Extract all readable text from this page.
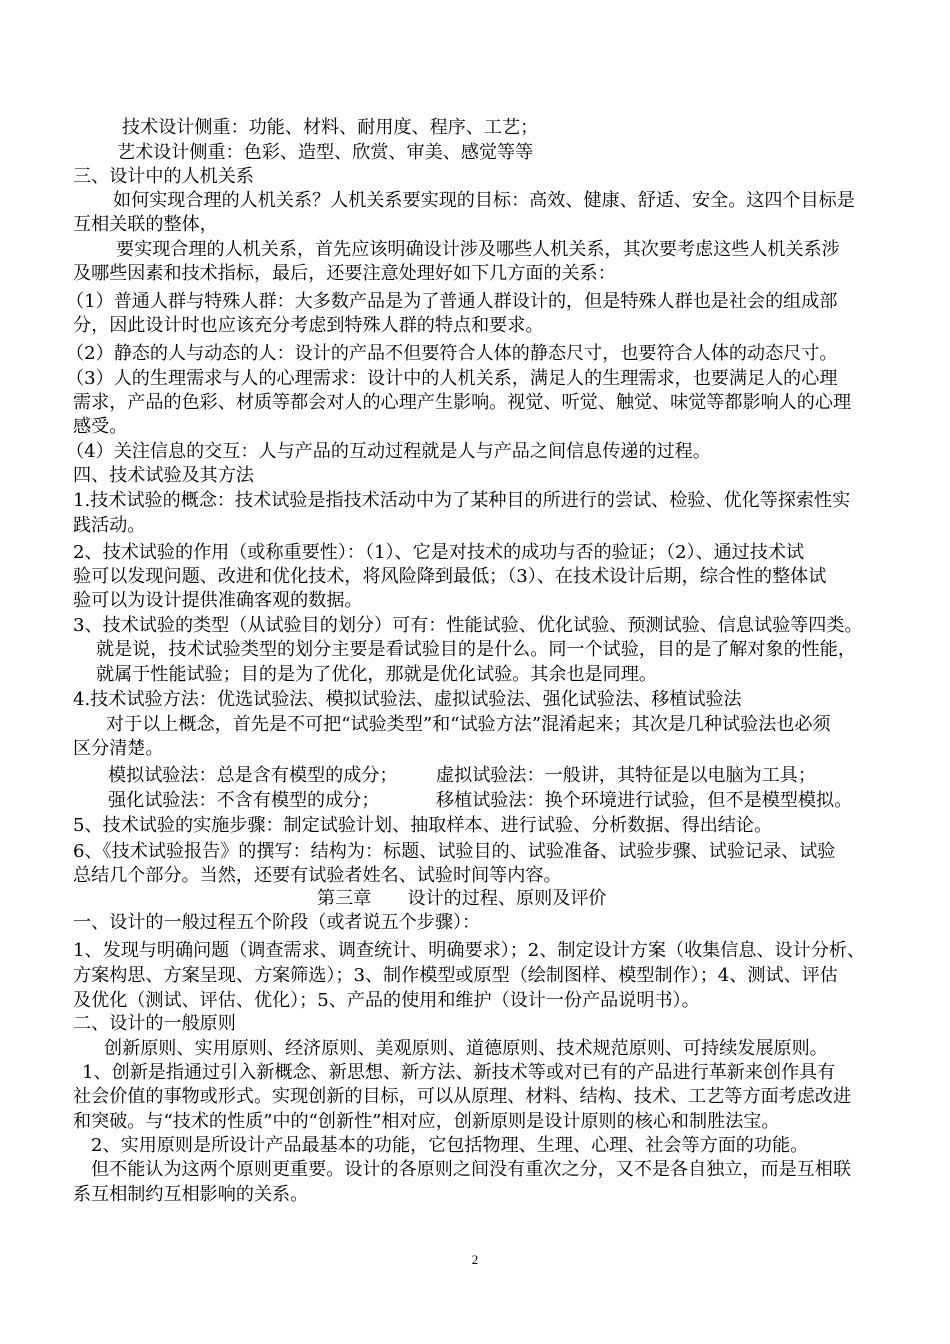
技术设计侧重：功能、材料、耐用度、程序、工艺；
艺术设计侧重：色彩、造型、欣赏、审美、感觉等等
三、设计中的人机关系
如何实现合理的人机关系？人机关系要实现的目标：高效、健康、舒适、安全。这四个目标是
互相关联的整体，
要实现合理的人机关系，首先应该明确设计涉及哪些人机关系，其次要考虑这些人机关系涉
及哪些因素和技术指标，最后，还要注意处理好如下几方面的关系：
（1）普通人群与特殊人群：大多数产品是为了普通人群设计的，但是特殊人群也是社会的组成部
分，因此设计时也应该充分考虑到特殊人群的特点和要求。
（2）静态的人与动态的人：设计的产品不但要符合人体的静态尺寸，也要符合人体的动态尺寸。
（3）人的生理需求与人的心理需求：设计中的人机关系，满足人的生理需求，也要满足人的心理
需求，产品的色彩、材质等都会对人的心理产生影响。视觉、听觉、触觉、味觉等都影响人的心理
感受。
（4）关注信息的交互：人与产品的互动过程就是人与产品之间信息传递的过程。
四、技术试验及其方法
1.技术试验的概念：技术试验是指技术活动中为了某种目的所进行的尝试、检验、优化等探索性实
践活动。
2、技术试验的作用（或称重要性）：（1）、它是对技术的成功与否的验证；（2）、通过技术试
验可以发现问题、改进和优化技术，将风险降到最低；（3）、在技术设计后期，综合性的整体试
验可以为设计提供准确客观的数据。
3、技术试验的类型（从试验目的划分）可有：性能试验、优化试验、预测试验、信息试验等四类。
就是说，技术试验类型的划分主要是看试验目的是什么。同一个试验，目的是了解对象的性能，
就属于性能试验；目的是为了优化，那就是优化试验。其余也是同理。
4.技术试验方法：优选试验法、模拟试验法、虚拟试验法、强化试验法、移植试验法
对于以上概念，首先是不可把“试验类型”和“试验方法”混淆起来；其次是几种试验法也必须
区分清楚。
模拟试验法：总是含有模型的成分； 虚拟试验法：一般讲，其特征是以电脑为工具；
强化试验法：不含有模型的成分；	移植试验法：换个环境进行试验，但不是模型模拟。
5、技术试验的实施步骤：制定试验计划、抽取样本、进行试验、分析数据、得出结论。
6、《技术试验报告》的撰写：结构为：标题、试验目的、试验准备、试验步骤、试验记录、试验
总结几个部分。当然，还要有试验者姓名、试验时间等内容。
第三章　　设计的过程、原则及评价
一、设计的一般过程五个阶段（或者说五个步骤）：
1、发现与明确问题（调查需求、调查统计、明确要求）；2、制定设计方案（收集信息、设计分析、
方案构思、方案呈现、方案筛选）；3、制作模型或原型（绘制图样、模型制作）；4、测试、评估
及优化（测试、评估、优化）；5、产品的使用和维护（设计一份产品说明书）。
二、设计的一般原则
创新原则、实用原则、经济原则、美观原则、道德原则、技术规范原则、可持续发展原则。
1、创新是指通过引入新概念、新思想、新方法、新技术等或对已有的产品进行革新来创作具有
社会价值的事物或形式。实现创新的目标，可以从原理、材料、结构、技术、工艺等方面考虑改进
和突破。与“技术的性质”中的“创新性”相对应，创新原则是设计原则的核心和制胜法宝。
2、实用原则是所设计产品最基本的功能，它包括物理、生理、心理、社会等方面的功能。
但不能认为这两个原则更重要。设计的各原则之间没有重次之分，又不是各自独立，而是互相联
系互相制约互相影响的关系。
2
